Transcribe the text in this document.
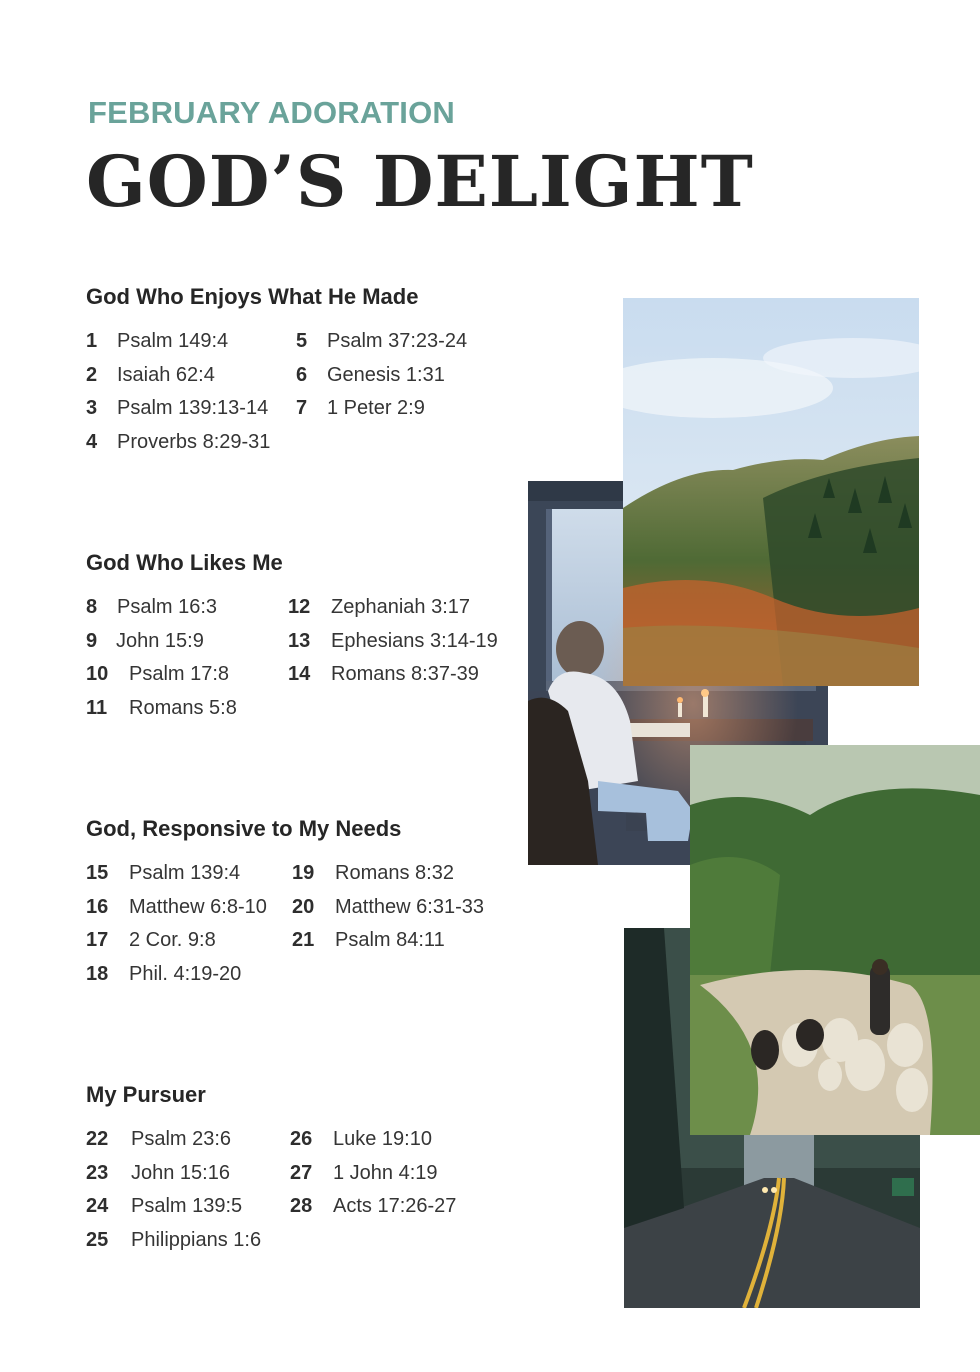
FEBRUARY ADORATION
GOD’S DELIGHT
God Who Enjoys What He Made
1 Psalm 149:4
2 Isaiah 62:4
3 Psalm 139:13-14
4 Proverbs 8:29-31
5 Psalm 37:23-24
6 Genesis 1:31
7 1 Peter 2:9
God Who Likes Me
8 Psalm 16:3
9 John 15:9
10	Psalm 17:8
11	Romans 5:8
12	Zephaniah 3:17
13	Ephesians 3:14-19
14	Romans 8:37-39
God, Responsive to My Needs
15	Psalm 139:4
16	Matthew 6:8-10
17	2 Cor. 9:8
18	Phil. 4:19-20
19	Romans 8:32
20	Matthew 6:31-33
21	Psalm 84:11
My Pursuer
22	Psalm 23:6
23	John 15:16
24	Psalm 139:5
25	Philippians 1:6
26	Luke 19:10
27	1 John 4:19
28	Acts 17:26-27
